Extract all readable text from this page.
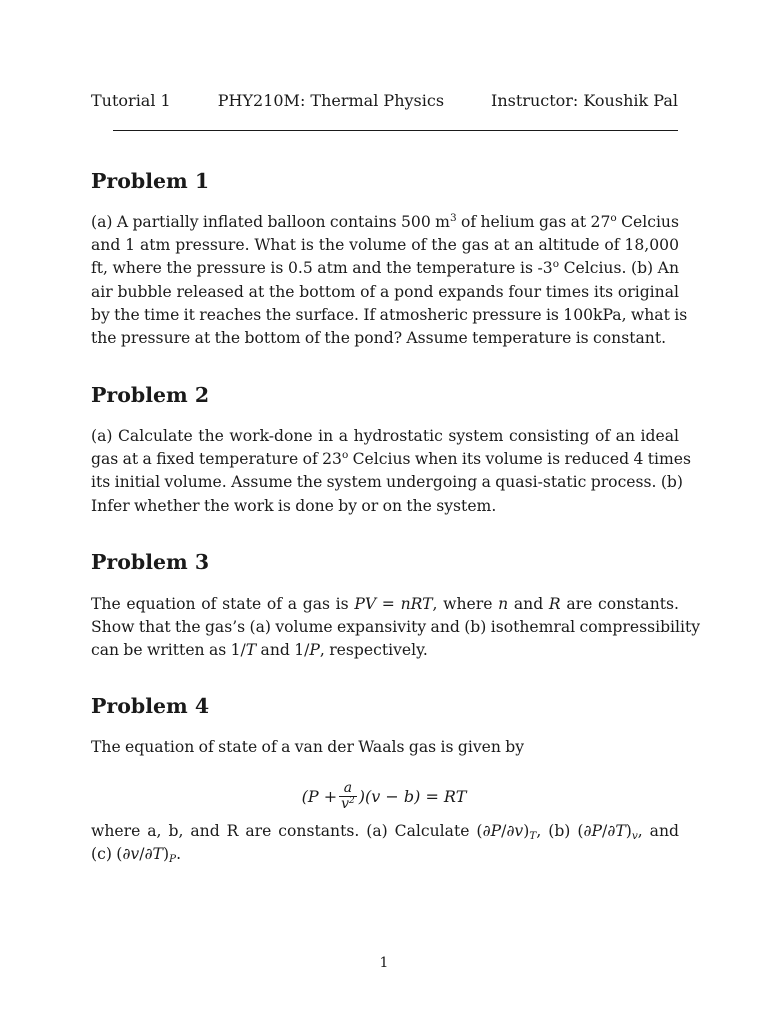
Tutorial 1	PHY210M: Thermal Physics	Instructor: Koushik Pal
Problem 1
(a) A partially inflated balloon contains 500 $m^3$ of helium gas at 27$^o$ Celcius
and 1 atm pressure. What is the volume of the gas at an altitude of 18,000
ft, where the pressure is 0.5 atm and the temperature is -3$^o$ Celcius. (b) An
air bubble released at the bottom of a pond expands four times its original
by the time it reaches the surface. If atmosheric pressure is 100kPa, what is
the pressure at the bottom of the pond? Assume temperature is constant.
Problem 2
(a) Calculate the work-done in a hydrostatic system consisting of an ideal
gas at a fixed temperature of 23$^o$ Celcius when its volume is reduced 4 times
its initial volume. Assume the system undergoing a quasi-static process. (b)
Infer whether the work is done by or on the system.
Problem 3
The equation of state of a gas is PV = nRT, where n and R are constants.
Show that the gas’s (a) volume expansivity and (b) isothemral compressibility
can be written as 1/T and 1/P, respectively.
Problem 4
The equation of state of a van der Waals gas is given by
$(P + \frac{a}{v^2} )(v - b)$ = RT
where a, b, and R are constants. (a) Calculate $(\partial P/\partial v)_T$, (b) $(\partial P/\partial T)_v$, and
(c) $(\partial v/\partial T)_P$.
1
